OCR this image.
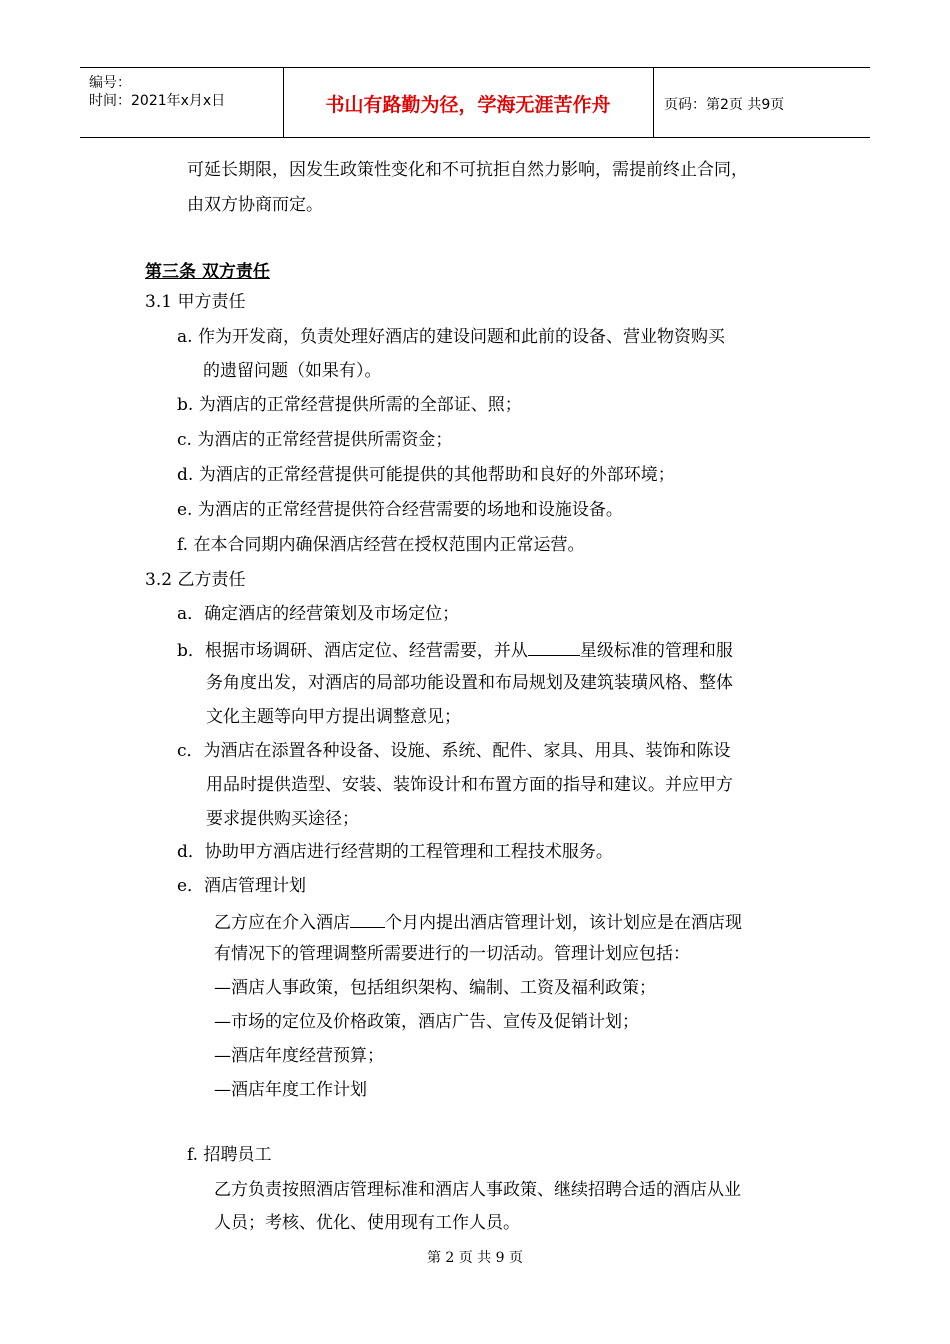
编号：
时间：2021年x月x日	书山有路勤为径，学海无涯苦作舟	页码：第2页 共9页
可延长期限，因发生政策性变化和不可抗拒自然力影响，需提前终止合同，
由双方协商而定。
第三条 双方责任
3.1 甲方责任
a. 作为开发商，负责处理好酒店的建设问题和此前的设备、营业物资购买
的遗留问题（如果有）。
b. 为酒店的正常经营提供所需的全部证、照；
c. 为酒店的正常经营提供所需资金；
d. 为酒店的正常经营提供可能提供的其他帮助和良好的外部环境；
e. 为酒店的正常经营提供符合经营需要的场地和设施设备。
f. 在本合同期内确保酒店经营在授权范围内正常运营。
3.2 乙方责任
a．确定酒店的经营策划及市场定位；
b．根据市场调研、酒店定位、经营需要，并从	星级标准的管理和服
务角度出发，对酒店的局部功能设置和布局规划及建筑装璜风格、整体
文化主题等向甲方提出调整意见；
c．为酒店在添置各种设备、设施、系统、配件、家具、用具、装饰和陈设
用品时提供造型、安装、装饰设计和布置方面的指导和建议。并应甲方
要求提供购买途径；
d．协助甲方酒店进行经营期的工程管理和工程技术服务。
e．酒店管理计划
乙方应在介入酒店 个月内提出酒店管理计划，该计划应是在酒店现
有情况下的管理调整所需要进行的一切活动。管理计划应包括：
—酒店人事政策，包括组织架构、编制、工资及福利政策；
—市场的定位及价格政策，酒店广告、宣传及促销计划；
—酒店年度经营预算；
—酒店年度工作计划
f. 招聘员工
乙方负责按照酒店管理标准和酒店人事政策、继续招聘合适的酒店从业
人员；考核、优化、使用现有工作人员。
第 2 页 共 9 页
